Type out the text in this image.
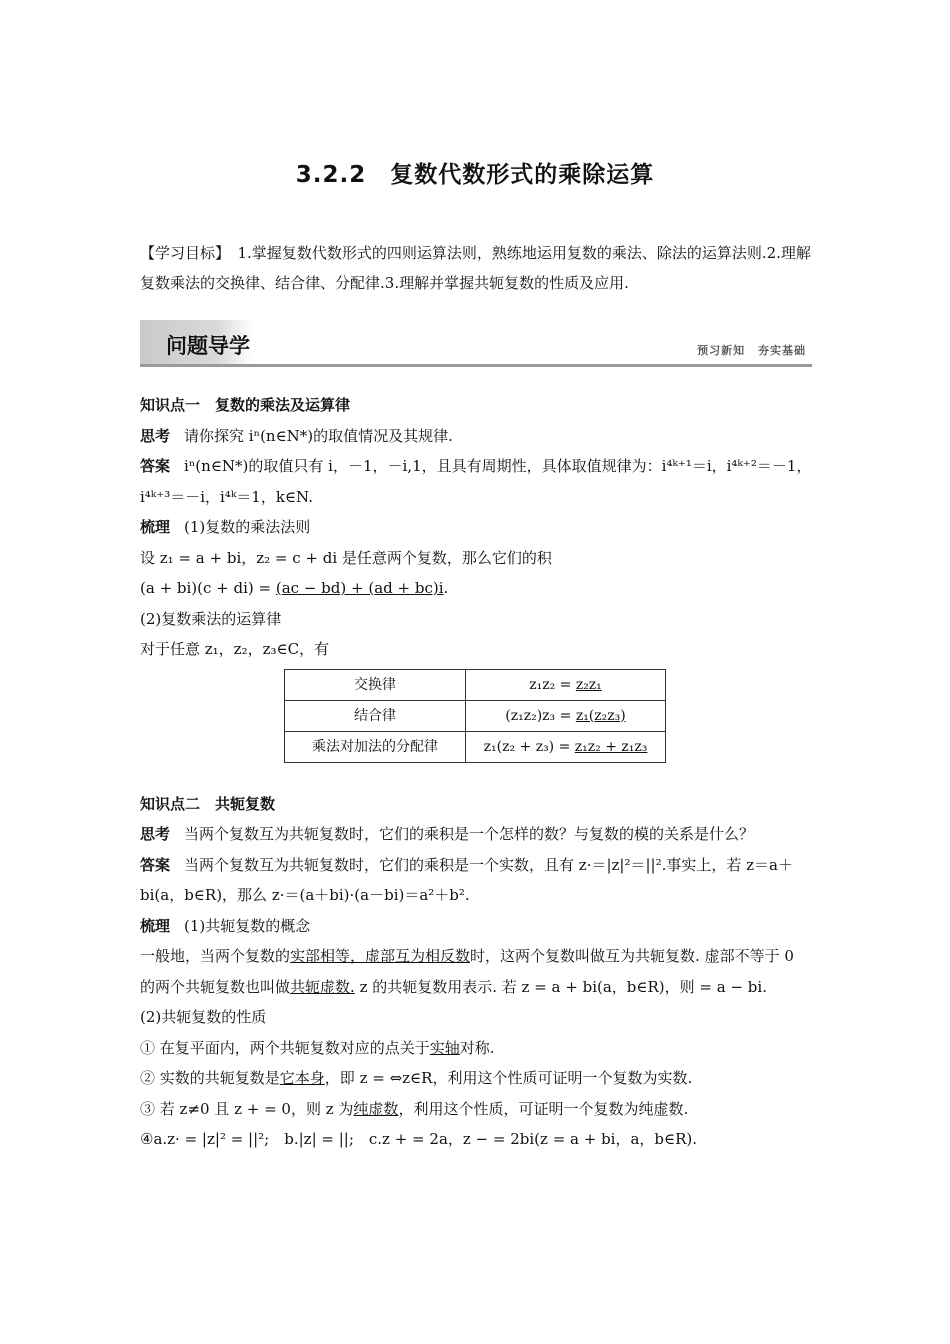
3.2.2　复数代数形式的乘除运算
【学习目标】　1.掌握复数代数形式的四则运算法则，熟练地运用复数的乘法、除法的运算法则.2.理解复数乘法的交换律、结合律、分配律.3.理解并掌握共轭复数的性质及应用.
问题导学	预习新知 夯实基础

知识点一　复数的乘法及运算律

思考 请你探究 iⁿ(n∈N*)的取值情况及其规律.

答案 iⁿ(n∈N*)的取值只有 i，－1，－i,1，且具有周期性，具体取值规律为：i⁴ᵏ⁺¹＝i，i⁴ᵏ⁺²＝－1，i⁴ᵏ⁺³＝－i，i⁴ᵏ＝1，k∈N.

梳理 (1)复数的乘法法则

设 z₁ = a + bi，z₂ = c + di 是任意两个复数，那么它们的积

(a + bi)(c + di) = (ac − bd) + (ad + bc)i.

(2)复数乘法的运算律

对于任意 z₁，z₂，z₃∈C，有

交换律	z₁z₂ = z₂z₁
结合律	(z₁z₂)z₃ = z₁(z₂z₃)
乘法对加法的分配律	z₁(z₂ + z₃) = z₁z₂ + z₁z₃

知识点二　共轭复数

思考 当两个复数互为共轭复数时，它们的乘积是一个怎样的数？与复数的模的关系是什么？

答案 当两个复数互为共轭复数时，它们的乘积是一个实数，且有 z·＝|z|²＝||².事实上，若 z＝a＋bi(a，b∈R)，那么 z·＝(a＋bi)·(a－bi)＝a²＋b².

梳理 (1)共轭复数的概念

一般地，当两个复数的实部相等，虚部互为相反数时，这两个复数叫做互为共轭复数. 虚部不等于 0 的两个共轭复数也叫做共轭虚数. z 的共轭复数用表示. 若 z = a + bi(a，b∈R)，则 = a − bi.

(2)共轭复数的性质

① 在复平面内，两个共轭复数对应的点关于实轴对称.

② 实数的共轭复数是它本身，即 z = ⇔z∈R，利用这个性质可证明一个复数为实数.

③ 若 z≠0 且 z + = 0，则 z 为纯虚数，利用这个性质，可证明一个复数为纯虚数.

④a.z· = |z|² = ||²;　b.|z| = ||;　c.z + = 2a，z − = 2bi(z = a + bi，a，b∈R).
